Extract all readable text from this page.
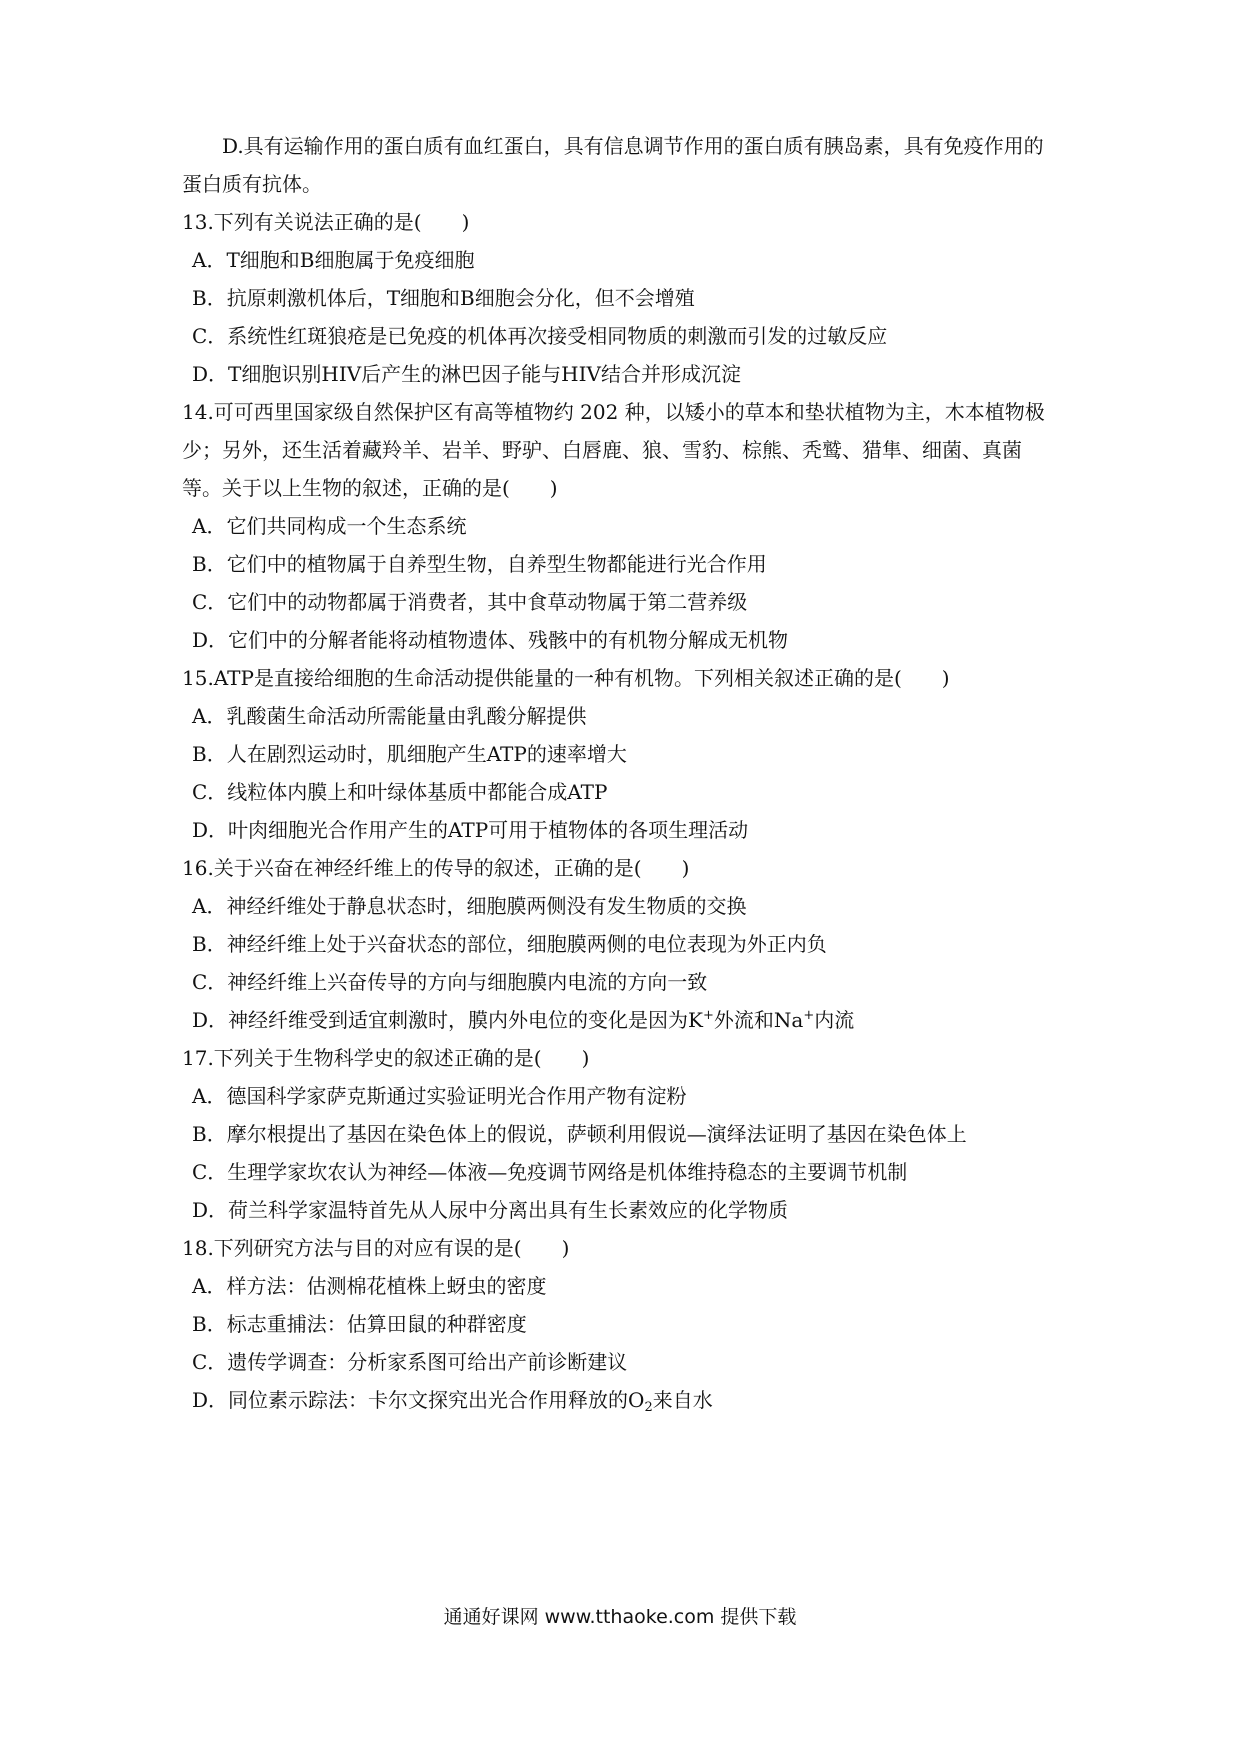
D.具有运输作用的蛋白质有血红蛋白，具有信息调节作用的蛋白质有胰岛素，具有免疫作用的
蛋白质有抗体。
13.下列有关说法正确的是(　　)
A．T细胞和B细胞属于免疫细胞
B．抗原刺激机体后，T细胞和B细胞会分化，但不会增殖
C．系统性红斑狼疮是已免疫的机体再次接受相同物质的刺激而引发的过敏反应
D．T细胞识别HIV后产生的淋巴因子能与HIV结合并形成沉淀
14.可可西里国家级自然保护区有高等植物约 202 种，以矮小的草本和垫状植物为主，木本植物极
少；另外，还生活着藏羚羊、岩羊、野驴、白唇鹿、狼、雪豹、棕熊、秃鹫、猎隼、细菌、真菌
等。关于以上生物的叙述，正确的是(　　)
A．它们共同构成一个生态系统
B．它们中的植物属于自养型生物，自养型生物都能进行光合作用
C．它们中的动物都属于消费者，其中食草动物属于第二营养级
D．它们中的分解者能将动植物遗体、残骸中的有机物分解成无机物
15.ATP是直接给细胞的生命活动提供能量的一种有机物。下列相关叙述正确的是(　　)
A．乳酸菌生命活动所需能量由乳酸分解提供
B．人在剧烈运动时，肌细胞产生ATP的速率增大
C．线粒体内膜上和叶绿体基质中都能合成ATP
D．叶肉细胞光合作用产生的ATP可用于植物体的各项生理活动
16.关于兴奋在神经纤维上的传导的叙述，正确的是(　　)
A．神经纤维处于静息状态时，细胞膜两侧没有发生物质的交换
B．神经纤维上处于兴奋状态的部位，细胞膜两侧的电位表现为外正内负
C．神经纤维上兴奋传导的方向与细胞膜内电流的方向一致
D．神经纤维受到适宜刺激时，膜内外电位的变化是因为K+外流和Na+内流
17.下列关于生物科学史的叙述正确的是(　　)
A．德国科学家萨克斯通过实验证明光合作用产物有淀粉
B．摩尔根提出了基因在染色体上的假说，萨顿利用假说—演绎法证明了基因在染色体上
C．生理学家坎农认为神经—体液—免疫调节网络是机体维持稳态的主要调节机制
D．荷兰科学家温特首先从人尿中分离出具有生长素效应的化学物质
18.下列研究方法与目的对应有误的是(　　)
A．样方法：估测棉花植株上蚜虫的密度
B．标志重捕法：估算田鼠的种群密度
C．遗传学调查：分析家系图可给出产前诊断建议
D．同位素示踪法：卡尔文探究出光合作用释放的$O_2$来自水
通通好课网 www.tthaoke.com 提供下载
